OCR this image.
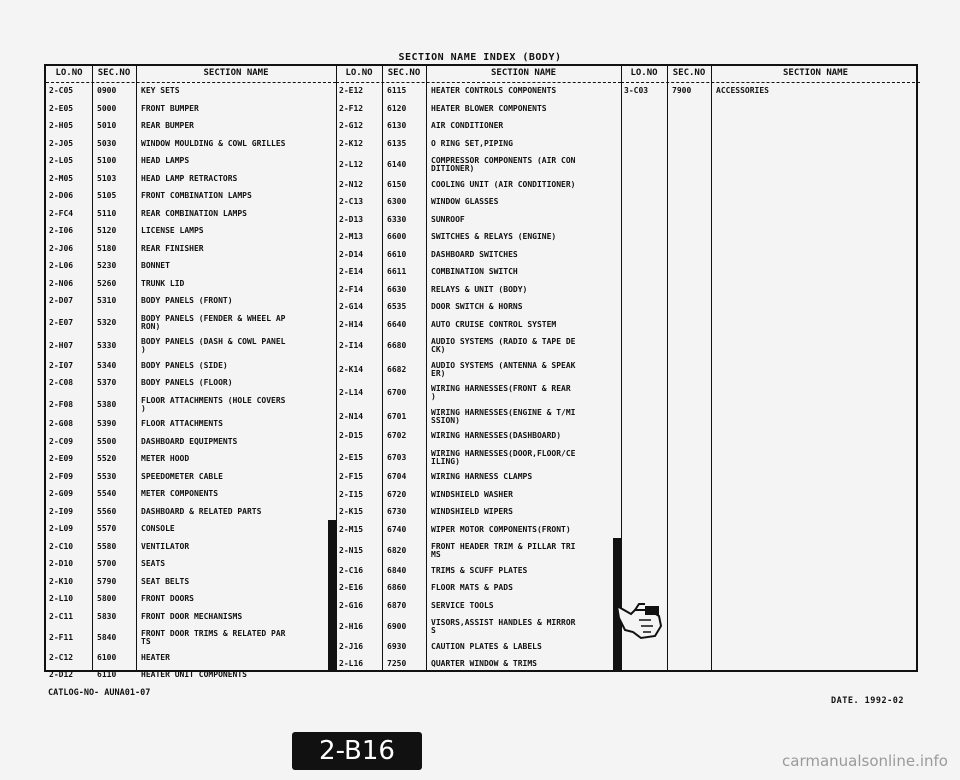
SECTION NAME INDEX (BODY)
LO.NO	SEC.NO	SECTION NAME
2-C05	0900	KEY SETS
2-E05	5000	FRONT BUMPER
2-H05	5010	REAR BUMPER
2-J05	5030	WINDOW MOULDING & COWL GRILLES
2-L05	5100	HEAD LAMPS
2-M05	5103	HEAD LAMP RETRACTORS
2-D06	5105	FRONT COMBINATION LAMPS
2-FC4	5110	REAR COMBINATION LAMPS
2-I06	5120	LICENSE LAMPS
2-J06	5180	REAR FINISHER
2-L06	5230	BONNET
2-N06	5260	TRUNK LID
2-D07	5310	BODY PANELS (FRONT)
2-E07	5320	BODY PANELS (FENDER & WHEEL AP
RON)
2-H07	5330	BODY PANELS (DASH & COWL PANEL
)
2-I07	5340	BODY PANELS (SIDE)
2-C08	5370	BODY PANELS (FLOOR)
2-F08	5380	FLOOR ATTACHMENTS (HOLE COVERS
)
2-G08	5390	FLOOR ATTACHMENTS
2-C09	5500	DASHBOARD EQUIPMENTS
2-E09	5520	METER HOOD
2-F09	5530	SPEEDOMETER CABLE
2-G09	5540	METER COMPONENTS
2-I09	5560	DASHBOARD & RELATED PARTS
2-L09	5570	CONSOLE
2-C10	5580	VENTILATOR
2-D10	5700	SEATS
2-K10	5790	SEAT BELTS
2-L10	5800	FRONT DOORS
2-C11	5830	FRONT DOOR MECHANISMS
2-F11	5840	FRONT DOOR TRIMS & RELATED PAR
TS
2-C12	6100	HEATER
2-D12	6110	HEATER UNIT COMPONENTS
LO.NO	SEC.NO	SECTION NAME
2-E12	6115	HEATER CONTROLS COMPONENTS
2-F12	6120	HEATER BLOWER COMPONENTS
2-G12	6130	AIR CONDITIONER
2-K12	6135	O RING SET,PIPING
2-L12	6140	COMPRESSOR COMPONENTS (AIR CON
DITIONER)
2-N12	6150	COOLING UNIT (AIR CONDITIONER)
2-C13	6300	WINDOW GLASSES
2-D13	6330	SUNROOF
2-M13	6600	SWITCHES & RELAYS (ENGINE)
2-D14	6610	DASHBOARD SWITCHES
2-E14	6611	COMBINATION SWITCH
2-F14	6630	RELAYS & UNIT (BODY)
2-G14	6535	DOOR SWITCH & HORNS
2-H14	6640	AUTO CRUISE CONTROL SYSTEM
2-I14	6680	AUDIO SYSTEMS (RADIO & TAPE DE
CK)
2-K14	6682	AUDIO SYSTEMS (ANTENNA & SPEAK
ER)
2-L14	6700	WIRING HARNESSES(FRONT & REAR
)
2-N14	6701	WIRING HARNESSES(ENGINE & T/MI
SSION)
2-D15	6702	WIRING HARNESSES(DASHBOARD)
2-E15	6703	WIRING HARNESSES(DOOR,FLOOR/CE
ILING)
2-F15	6704	WIRING HARNESS CLAMPS
2-I15	6720	WINDSHIELD WASHER
2-K15	6730	WINDSHIELD WIPERS
2-M15	6740	WIPER MOTOR COMPONENTS(FRONT)
2-N15	6820	FRONT HEADER TRIM & PILLAR TRI
MS
2-C16	6840	TRIMS & SCUFF PLATES
2-E16	6860	FLOOR MATS & PADS
2-G16	6870	SERVICE TOOLS
2-H16	6900	VISORS,ASSIST HANDLES & MIRROR
S
2-J16	6930	CAUTION PLATES & LABELS
2-L16	7250	QUARTER WINDOW & TRIMS
LO.NO	SEC.NO	SECTION NAME
3-C03	7900	ACCESSORIES
CATLOG-NO- AUNA01-07
DATE. 1992-02
2-B16	carmanualsonline.info
